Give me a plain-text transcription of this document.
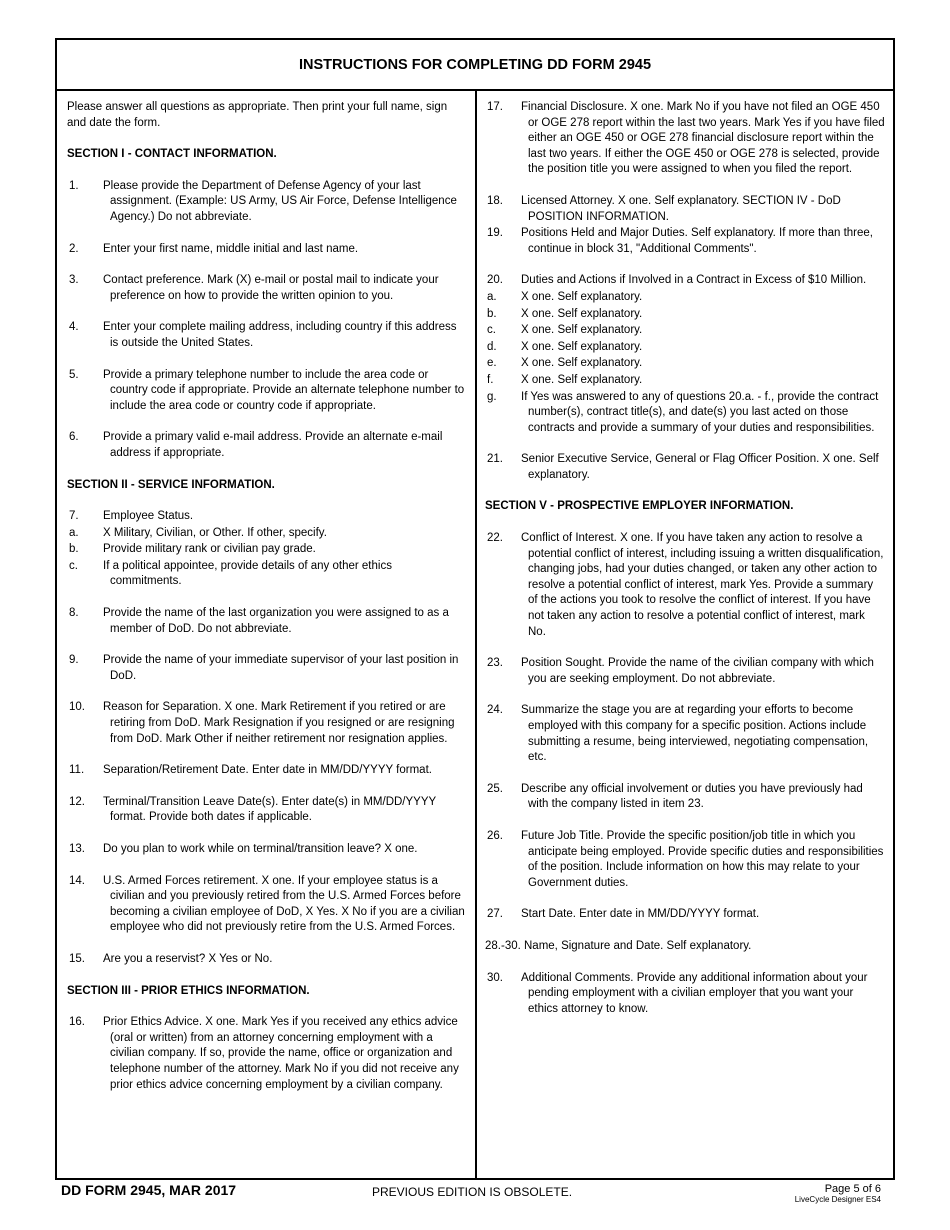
INSTRUCTIONS FOR COMPLETING DD FORM 2945

Please answer all questions as appropriate. Then print your full name, sign and date the form.

SECTION I - CONTACT INFORMATION.

1.	Please provide the Department of Defense Agency of your last assignment. (Example: US Army, US Air Force, Defense Intelligence Agency.) Do not abbreviate.
2.	Enter your first name, middle initial and last name.
3.	Contact preference. Mark (X) e-mail or postal mail to indicate your preference on how to provide the written opinion to you.
4.	Enter your complete mailing address, including country if this address is outside the United States.
5.	Provide a primary telephone number to include the area code or country code if appropriate. Provide an alternate telephone number to include the area code or country code if appropriate.
6.	Provide a primary valid e-mail address. Provide an alternate e-mail address if appropriate.

SECTION II - SERVICE INFORMATION.

7.	Employee Status.
a.	X Military, Civilian, or Other. If other, specify.
b.	Provide military rank or civilian pay grade.
c.	If a political appointee, provide details of any other ethics commitments.
8.	Provide the name of the last organization you were assigned to as a member of DoD. Do not abbreviate.
9.	Provide the name of your immediate supervisor of your last position in DoD.
10.	Reason for Separation. X one. Mark Retirement if you retired or are retiring from DoD. Mark Resignation if you resigned or are resigning from DoD. Mark Other if neither retirement nor resignation applies.
11.	Separation/Retirement Date. Enter date in MM/DD/YYYY format.
12.	Terminal/Transition Leave Date(s). Enter date(s) in MM/DD/YYYY format. Provide both dates if applicable.
13.	Do you plan to work while on terminal/transition leave? X one.
14.	U.S. Armed Forces retirement. X one. If your employee status is a civilian and you previously retired from the U.S. Armed Forces before becoming a civilian employee of DoD, X Yes. X No if you are a civilian employee who did not previously retire from the U.S. Armed Forces.
15.	Are you a reservist? X Yes or No.

SECTION III - PRIOR ETHICS INFORMATION.

16.	Prior Ethics Advice. X one. Mark Yes if you received any ethics advice (oral or written) from an attorney concerning employment with a civilian company. If so, provide the name, office or organization and telephone number of the attorney. Mark No if you did not receive any prior ethics advice concerning employment by a civilian company.
17.	Financial Disclosure. X one. Mark No if you have not filed an OGE 450 or OGE 278 report within the last two years. Mark Yes if you have filed either an OGE 450 or OGE 278 financial disclosure report within the last two years. If either the OGE 450 or OGE 278 is selected, provide the position title you were assigned to when you filed the report.
18.	Licensed Attorney. X one. Self explanatory. SECTION IV - DoD POSITION INFORMATION.
19.	Positions Held and Major Duties. Self explanatory. If more than three, continue in block 31, "Additional Comments".
20.	Duties and Actions if Involved in a Contract in Excess of $10 Million.
a.	X one. Self explanatory.
b.	X one. Self explanatory.
c.	X one. Self explanatory.
d.	X one. Self explanatory.
e.	X one. Self explanatory.
f.	X one. Self explanatory.
g.	If Yes was answered to any of questions 20.a. - f., provide the contract number(s), contract title(s), and date(s) you last acted on those contracts and provide a summary of your duties and responsibilities.
21.	Senior Executive Service, General or Flag Officer Position. X one. Self explanatory.

SECTION V - PROSPECTIVE EMPLOYER INFORMATION.

22.	Conflict of Interest. X one. If you have taken any action to resolve a potential conflict of interest, including issuing a written disqualification, changing jobs, had your duties changed, or taken any other action to resolve a potential conflict of interest, mark Yes. Provide a summary of the actions you took to resolve the conflict of interest. If you have not taken any action to resolve a potential conflict of interest, mark No.
23.	Position Sought. Provide the name of the civilian company with which you are seeking employment. Do not abbreviate.
24.	Summarize the stage you are at regarding your efforts to become employed with this company for a specific position. Actions include submitting a resume, being interviewed, negotiating compensation, etc.
25.	Describe any official involvement or duties you have previously had with the company listed in item 23.
26.	Future Job Title. Provide the specific position/job title in which you anticipate being employed. Provide specific duties and responsibilities of the position. Include information on how this may relate to your Government duties.
27.	Start Date. Enter date in MM/DD/YYYY format.

28.-30. Name, Signature and Date. Self explanatory.

30.	Additional Comments. Provide any additional information about your pending employment with a civilian employer that you want your ethics attorney to know.
DD FORM 2945, MAR 2017	PREVIOUS EDITION IS OBSOLETE.	Page 5 of 6
LiveCycle Designer ES4
